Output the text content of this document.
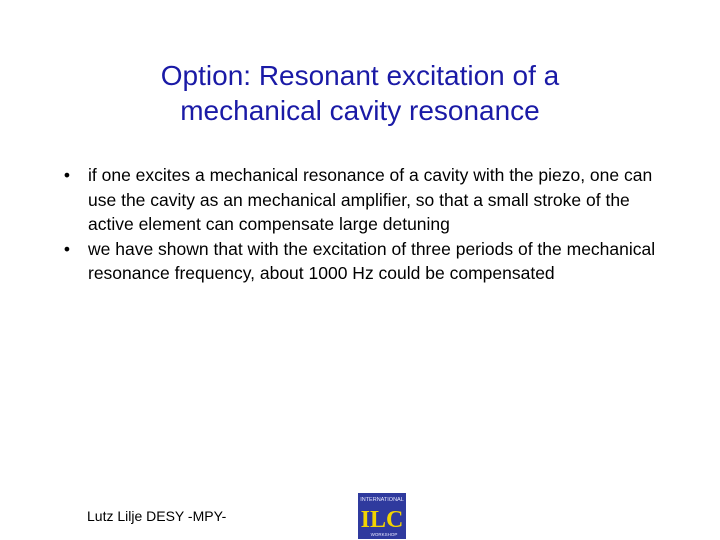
Option: Resonant excitation of a
mechanical cavity resonance
• if one excites a mechanical resonance of a cavity with the piezo, one can use the cavity as an mechanical amplifier, so that a small stroke of the active element can compensate large detuning
• we have shown that with the excitation of three periods of the mechanical resonance frequency, about 1000 Hz could be compensated
Lutz Lilje DESY -MPY-
INTERNATIONAL
ILC
WORKSHOP
